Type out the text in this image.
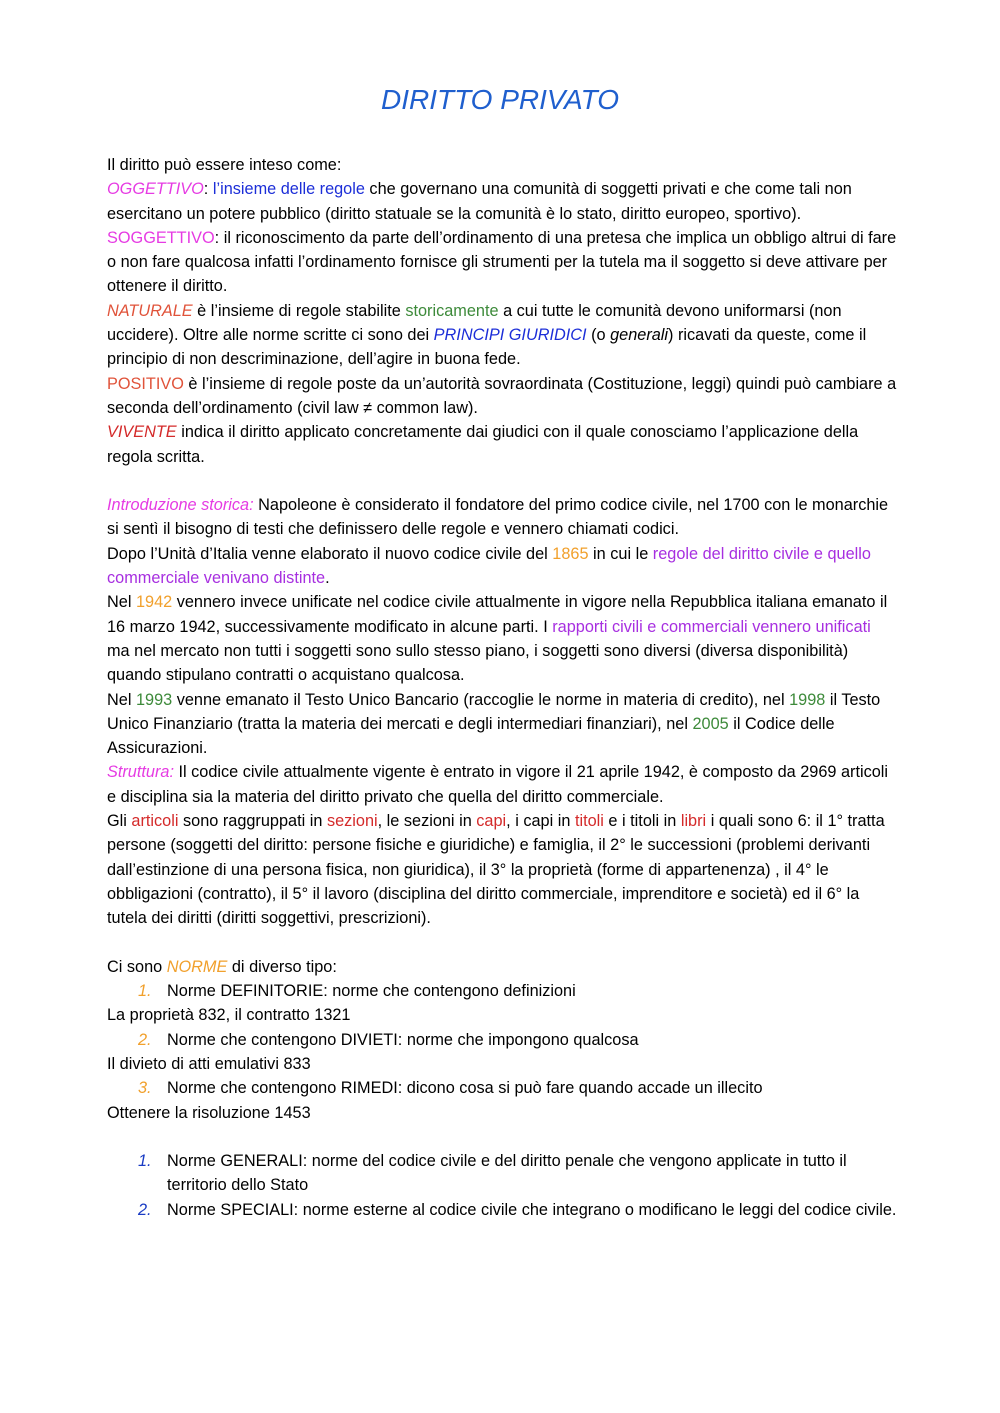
DIRITTO PRIVATO

Il diritto può essere inteso come:

OGGETTIVO: l’insieme delle regole che governano una comunità di soggetti privati e che come tali non esercitano un potere pubblico (diritto statuale se la comunità è lo stato, diritto europeo, sportivo).

SOGGETTIVO: il riconoscimento da parte dell’ordinamento di una pretesa che implica un obbligo altrui di fare o non fare qualcosa infatti l’ordinamento fornisce gli strumenti per la tutela ma il soggetto si deve attivare per ottenere il diritto.

NATURALE è l’insieme di regole stabilite storicamente a cui tutte le comunità devono uniformarsi (non uccidere). Oltre alle norme scritte ci sono dei PRINCIPI GIURIDICI (o generali) ricavati da queste, come il principio di non descriminazione, dell’agire in buona fede.

POSITIVO è l’insieme di regole poste da un’autorità sovraordinata (Costituzione, leggi) quindi può cambiare a seconda dell’ordinamento (civil law ≠ common law).

VIVENTE indica il diritto applicato concretamente dai giudici con il quale conosciamo l’applicazione della regola scritta.

Introduzione storica: Napoleone è considerato il fondatore del primo codice civile, nel 1700 con le monarchie si sentì il bisogno di testi che definissero delle regole e vennero chiamati codici.

Dopo l’Unità d’Italia venne elaborato il nuovo codice civile del 1865 in cui le regole del diritto civile e quello commerciale venivano distinte.

Nel 1942 vennero invece unificate nel codice civile attualmente in vigore nella Repubblica italiana emanato il 16 marzo 1942, successivamente modificato in alcune parti. I rapporti civili e commerciali vennero unificati ma nel mercato non tutti i soggetti sono sullo stesso piano, i soggetti sono diversi (diversa disponibilità) quando stipulano contratti o acquistano qualcosa.

Nel 1993 venne emanato il Testo Unico Bancario (raccoglie le norme in materia di credito), nel 1998 il Testo Unico Finanziario (tratta la materia dei mercati e degli intermediari finanziari), nel 2005 il Codice delle Assicurazioni.

Struttura: Il codice civile attualmente vigente è entrato in vigore il 21 aprile 1942, è composto da 2969 articoli e disciplina sia la materia del diritto privato che quella del diritto commerciale.

Gli articoli sono raggruppati in sezioni, le sezioni in capi, i capi in titoli e i titoli in libri i quali sono 6: il 1° tratta persone (soggetti del diritto: persone fisiche e giuridiche) e famiglia, il 2° le successioni (problemi derivanti dall’estinzione di una persona fisica, non giuridica), il 3° la proprietà (forme di appartenenza) , il 4° le obbligazioni (contratto), il 5° il lavoro (disciplina del diritto commerciale, imprenditore e società) ed il 6° la tutela dei diritti (diritti soggettivi, prescrizioni).

Ci sono NORME di diverso tipo:

1. Norme DEFINITORIE: norme che contengono definizioni

La proprietà 832, il contratto 1321

2. Norme che contengono DIVIETI: norme che impongono qualcosa

Il divieto di atti emulativi 833

3. Norme che contengono RIMEDI: dicono cosa si può fare quando accade un illecito

Ottenere la risoluzione 1453

1. Norme GENERALI: norme del codice civile e del diritto penale che vengono applicate in tutto il territorio dello Stato
2. Norme SPECIALI: norme esterne al codice civile che integrano o modificano le leggi del codice civile.
